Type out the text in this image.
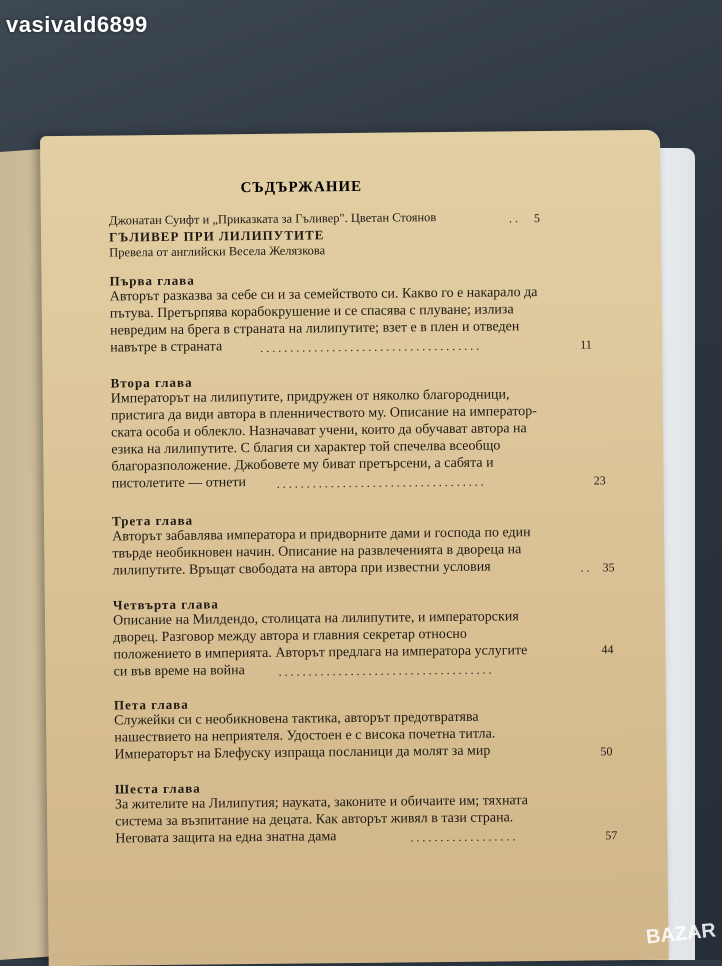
vasivald6899
СЪДЪРЖАНИЕ
Джонатан Суифт и „Приказката за Гъливер". Цветан Стоянов	. . 5
ГЪЛИВЕР ПРИ ЛИЛИПУТИТЕ
Превела от английски Весела Желязкова
Първа глава
Авторът разказва за себе си и за семейството си. Какво го е накарало да
пътува. Претърпява корабокрушение и се спасява с плуване; излиза
невредим на брега в страната на лилипутите; взет е в плен и отведен
навътре в страната	. . . . . . . . . . . . . . . . . . . . . . . . . . . . . . . . . . . . .	11
Втора глава
Императорът на лилипутите, придружен от няколко благородници,
пристига да види автора в пленничеството му. Описание на император-
ската особа и облекло. Назначават учени, които да обучават автора на
езика на лилипутите. С благия си характер той спечелва всеобщо
благоразположение. Джобовете му биват претърсени, а сабята и
пистолетите — отнети	. . . . . . . . . . . . . . . . . . . . . . . . . . . . . . . . . . .	23
Трета глава
Авторът забавлява императора и придворните дами и господа по един
твърде необикновен начин. Описание на развлеченията в двореца на
лилипутите. Връщат свободата на автора при известни условия	. . 35
Четвърта глава
Описание на Милдендо, столицата на лилипутите, и императорския
дворец. Разговор между автора и главния секретар относно
положението в империята. Авторът предлага на императора услугите	44
си във време на война	. . . . . . . . . . . . . . . . . . . . . . . . . . . . . . . . . . . .
Пета глава
Служейки си с необикновена тактика, авторът предотвратява
нашествието на неприятеля. Удостоен е с висока почетна титла.
Императорът на Блефуску изпраща посланици да молят за мир	50
Шеста глава
За жителите на Лилипутия; науката, законите и обичаите им; тяхната
система за възпитание на децата. Как авторът живял в тази страна.
Неговата защита на една знатна дама	. . . . . . . . . . . . . . . . . .	57
BAZAR
